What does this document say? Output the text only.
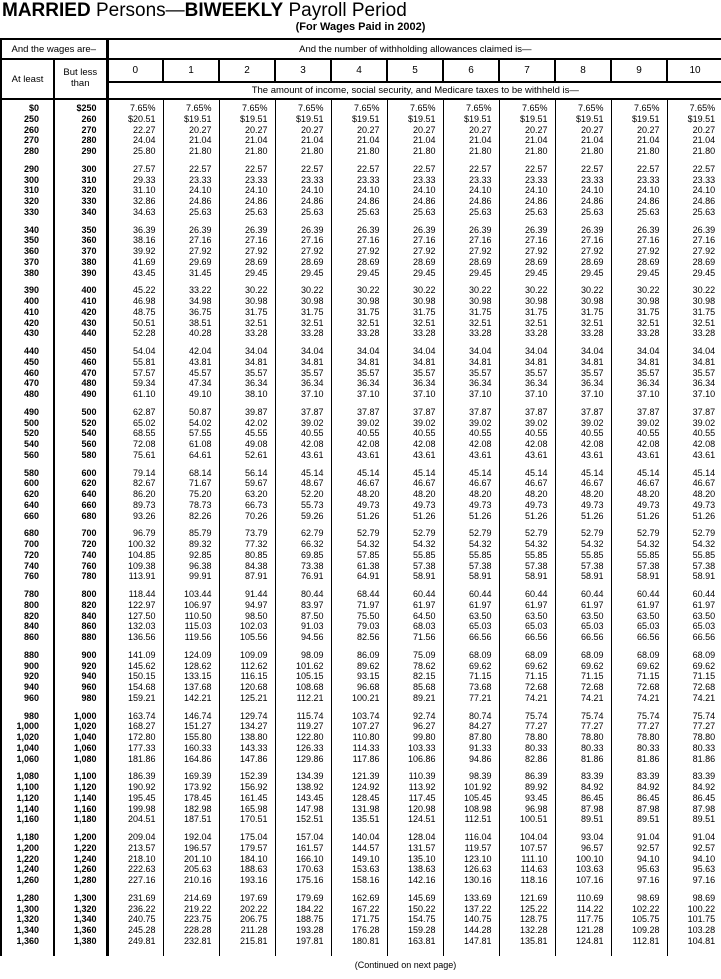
MARRIED Persons—BIWEEKLY Payroll Period
(For Wages Paid in 2002)
And the wages are–		And the number of withholding allowances claimed is—										
At least	But less than	0	1	2	3	4	5	6	7	8	9	10
		The amount of income, social security, and Medicare taxes to be withheld is—										

$0	$250	7.65%	7.65%	7.65%	7.65%	7.65%	7.65%	7.65%	7.65%	7.65%	7.65%	7.65%
250	260	$20.51	$19.51	$19.51	$19.51	$19.51	$19.51	$19.51	$19.51	$19.51	$19.51	$19.51
260	270	22.27	20.27	20.27	20.27	20.27	20.27	20.27	20.27	20.27	20.27	20.27
270	280	24.04	21.04	21.04	21.04	21.04	21.04	21.04	21.04	21.04	21.04	21.04
280	290	25.80	21.80	21.80	21.80	21.80	21.80	21.80	21.80	21.80	21.80	21.80

290	300	27.57	22.57	22.57	22.57	22.57	22.57	22.57	22.57	22.57	22.57	22.57
300	310	29.33	23.33	23.33	23.33	23.33	23.33	23.33	23.33	23.33	23.33	23.33
310	320	31.10	24.10	24.10	24.10	24.10	24.10	24.10	24.10	24.10	24.10	24.10
320	330	32.86	24.86	24.86	24.86	24.86	24.86	24.86	24.86	24.86	24.86	24.86
330	340	34.63	25.63	25.63	25.63	25.63	25.63	25.63	25.63	25.63	25.63	25.63

340	350	36.39	26.39	26.39	26.39	26.39	26.39	26.39	26.39	26.39	26.39	26.39
350	360	38.16	27.16	27.16	27.16	27.16	27.16	27.16	27.16	27.16	27.16	27.16
360	370	39.92	27.92	27.92	27.92	27.92	27.92	27.92	27.92	27.92	27.92	27.92
370	380	41.69	29.69	28.69	28.69	28.69	28.69	28.69	28.69	28.69	28.69	28.69
380	390	43.45	31.45	29.45	29.45	29.45	29.45	29.45	29.45	29.45	29.45	29.45

390	400	45.22	33.22	30.22	30.22	30.22	30.22	30.22	30.22	30.22	30.22	30.22
400	410	46.98	34.98	30.98	30.98	30.98	30.98	30.98	30.98	30.98	30.98	30.98
410	420	48.75	36.75	31.75	31.75	31.75	31.75	31.75	31.75	31.75	31.75	31.75
420	430	50.51	38.51	32.51	32.51	32.51	32.51	32.51	32.51	32.51	32.51	32.51
430	440	52.28	40.28	33.28	33.28	33.28	33.28	33.28	33.28	33.28	33.28	33.28

440	450	54.04	42.04	34.04	34.04	34.04	34.04	34.04	34.04	34.04	34.04	34.04
450	460	55.81	43.81	34.81	34.81	34.81	34.81	34.81	34.81	34.81	34.81	34.81
460	470	57.57	45.57	35.57	35.57	35.57	35.57	35.57	35.57	35.57	35.57	35.57
470	480	59.34	47.34	36.34	36.34	36.34	36.34	36.34	36.34	36.34	36.34	36.34
480	490	61.10	49.10	38.10	37.10	37.10	37.10	37.10	37.10	37.10	37.10	37.10

490	500	62.87	50.87	39.87	37.87	37.87	37.87	37.87	37.87	37.87	37.87	37.87
500	520	65.02	54.02	42.02	39.02	39.02	39.02	39.02	39.02	39.02	39.02	39.02
520	540	68.55	57.55	45.55	40.55	40.55	40.55	40.55	40.55	40.55	40.55	40.55
540	560	72.08	61.08	49.08	42.08	42.08	42.08	42.08	42.08	42.08	42.08	42.08
560	580	75.61	64.61	52.61	43.61	43.61	43.61	43.61	43.61	43.61	43.61	43.61

580	600	79.14	68.14	56.14	45.14	45.14	45.14	45.14	45.14	45.14	45.14	45.14
600	620	82.67	71.67	59.67	48.67	46.67	46.67	46.67	46.67	46.67	46.67	46.67
620	640	86.20	75.20	63.20	52.20	48.20	48.20	48.20	48.20	48.20	48.20	48.20
640	660	89.73	78.73	66.73	55.73	49.73	49.73	49.73	49.73	49.73	49.73	49.73
660	680	93.26	82.26	70.26	59.26	51.26	51.26	51.26	51.26	51.26	51.26	51.26

680	700	96.79	85.79	73.79	62.79	52.79	52.79	52.79	52.79	52.79	52.79	52.79
700	720	100.32	89.32	77.32	66.32	54.32	54.32	54.32	54.32	54.32	54.32	54.32
720	740	104.85	92.85	80.85	69.85	57.85	55.85	55.85	55.85	55.85	55.85	55.85
740	760	109.38	96.38	84.38	73.38	61.38	57.38	57.38	57.38	57.38	57.38	57.38
760	780	113.91	99.91	87.91	76.91	64.91	58.91	58.91	58.91	58.91	58.91	58.91

780	800	118.44	103.44	91.44	80.44	68.44	60.44	60.44	60.44	60.44	60.44	60.44
800	820	122.97	106.97	94.97	83.97	71.97	61.97	61.97	61.97	61.97	61.97	61.97
820	840	127.50	110.50	98.50	87.50	75.50	64.50	63.50	63.50	63.50	63.50	63.50
840	860	132.03	115.03	102.03	91.03	79.03	68.03	65.03	65.03	65.03	65.03	65.03
860	880	136.56	119.56	105.56	94.56	82.56	71.56	66.56	66.56	66.56	66.56	66.56

880	900	141.09	124.09	109.09	98.09	86.09	75.09	68.09	68.09	68.09	68.09	68.09
900	920	145.62	128.62	112.62	101.62	89.62	78.62	69.62	69.62	69.62	69.62	69.62
920	940	150.15	133.15	116.15	105.15	93.15	82.15	71.15	71.15	71.15	71.15	71.15
940	960	154.68	137.68	120.68	108.68	96.68	85.68	73.68	72.68	72.68	72.68	72.68
960	980	159.21	142.21	125.21	112.21	100.21	89.21	77.21	74.21	74.21	74.21	74.21

980	1,000	163.74	146.74	129.74	115.74	103.74	92.74	80.74	75.74	75.74	75.74	75.74
1,000	1,020	168.27	151.27	134.27	119.27	107.27	96.27	84.27	77.27	77.27	77.27	77.27
1,020	1,040	172.80	155.80	138.80	122.80	110.80	99.80	87.80	78.80	78.80	78.80	78.80
1,040	1,060	177.33	160.33	143.33	126.33	114.33	103.33	91.33	80.33	80.33	80.33	80.33
1,060	1,080	181.86	164.86	147.86	129.86	117.86	106.86	94.86	82.86	81.86	81.86	81.86

1,080	1,100	186.39	169.39	152.39	134.39	121.39	110.39	98.39	86.39	83.39	83.39	83.39
1,100	1,120	190.92	173.92	156.92	138.92	124.92	113.92	101.92	89.92	84.92	84.92	84.92
1,120	1,140	195.45	178.45	161.45	143.45	128.45	117.45	105.45	93.45	86.45	86.45	86.45
1,140	1,160	199.98	182.98	165.98	147.98	131.98	120.98	108.98	96.98	87.98	87.98	87.98
1,160	1,180	204.51	187.51	170.51	152.51	135.51	124.51	112.51	100.51	89.51	89.51	89.51

1,180	1,200	209.04	192.04	175.04	157.04	140.04	128.04	116.04	104.04	93.04	91.04	91.04
1,200	1,220	213.57	196.57	179.57	161.57	144.57	131.57	119.57	107.57	96.57	92.57	92.57
1,220	1,240	218.10	201.10	184.10	166.10	149.10	135.10	123.10	111.10	100.10	94.10	94.10
1,240	1,260	222.63	205.63	188.63	170.63	153.63	138.63	126.63	114.63	103.63	95.63	95.63
1,260	1,280	227.16	210.16	193.16	175.16	158.16	142.16	130.16	118.16	107.16	97.16	97.16

1,280	1,300	231.69	214.69	197.69	179.69	162.69	145.69	133.69	121.69	110.69	98.69	98.69
1,300	1,320	236.22	219.22	202.22	184.22	167.22	150.22	137.22	125.22	114.22	102.22	100.22
1,320	1,340	240.75	223.75	206.75	188.75	171.75	154.75	140.75	128.75	117.75	105.75	101.75
1,340	1,360	245.28	228.28	211.28	193.28	176.28	159.28	144.28	132.28	121.28	109.28	103.28
1,360	1,380	249.81	232.81	215.81	197.81	180.81	163.81	147.81	135.81	124.81	112.81	104.81

(Continued on next page)
